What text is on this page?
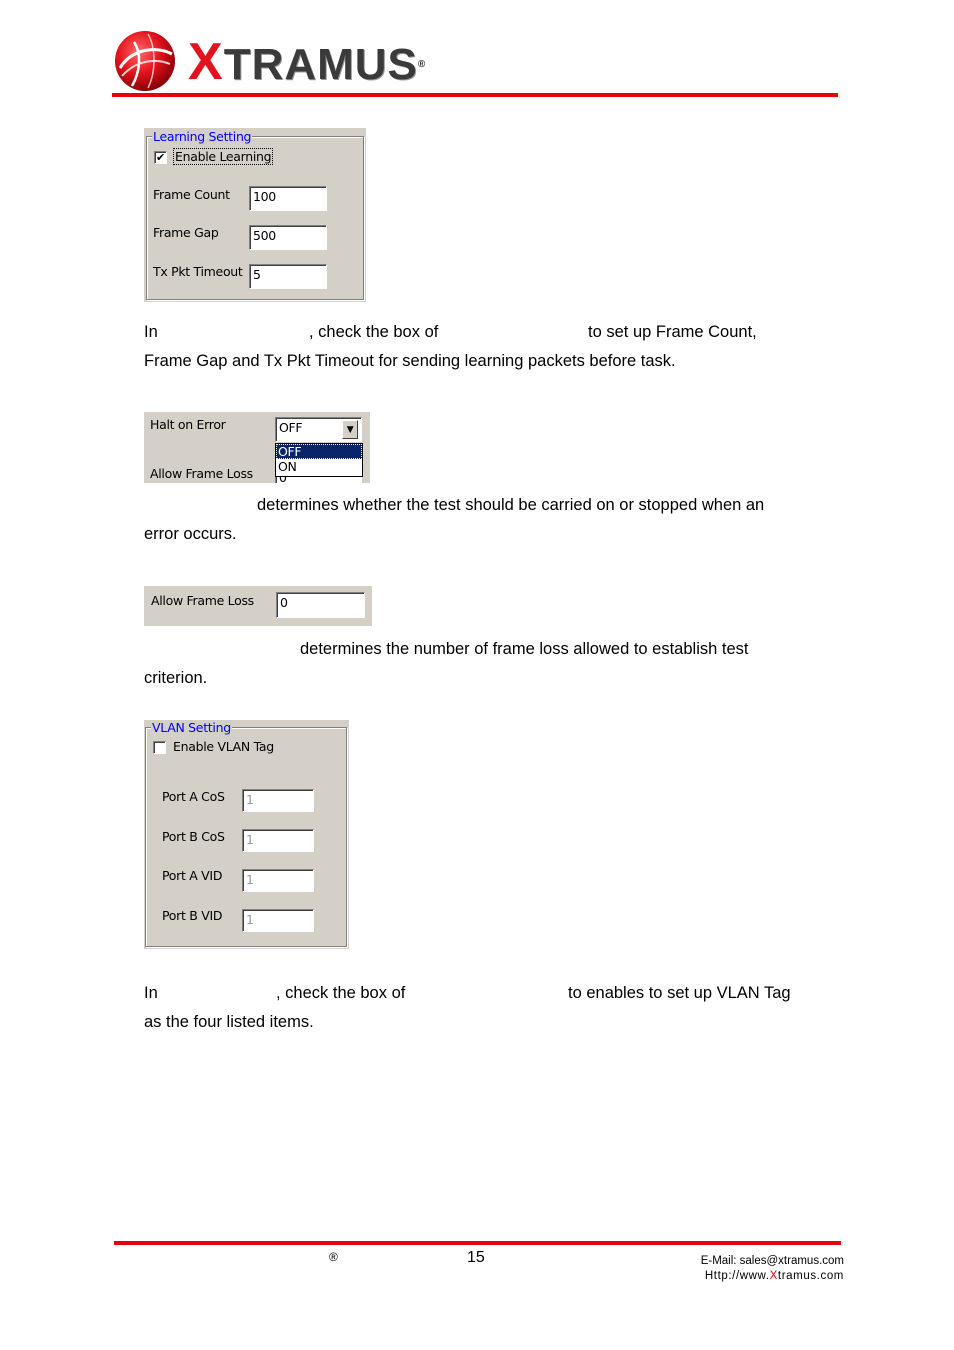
XTRAMUS®
Learning Setting
✔ Enable Learning
Frame Count	100
Frame Gap	500
Tx Pkt Timeout 5
In	, check the box of	to set up Frame Count,
Frame Gap and Tx Pkt Timeout for sending learning packets before task.
Halt on Error	OFF	▼
Allow Frame Loss
OFF
ON
determines whether the test should be carried on or stopped when an
error occurs.
Allow Frame Loss	0
determines the number of frame loss allowed to establish test
criterion.
VLAN Setting
Enable VLAN Tag
Port A CoS	1
Port B CoS	1
Port A VID	1
Port B VID	1
In	, check the box of	to enables to set up VLAN Tag
as the four listed items.
®	15	E-Mail: sales@xtramus.com
Http://www.Xtramus.com
